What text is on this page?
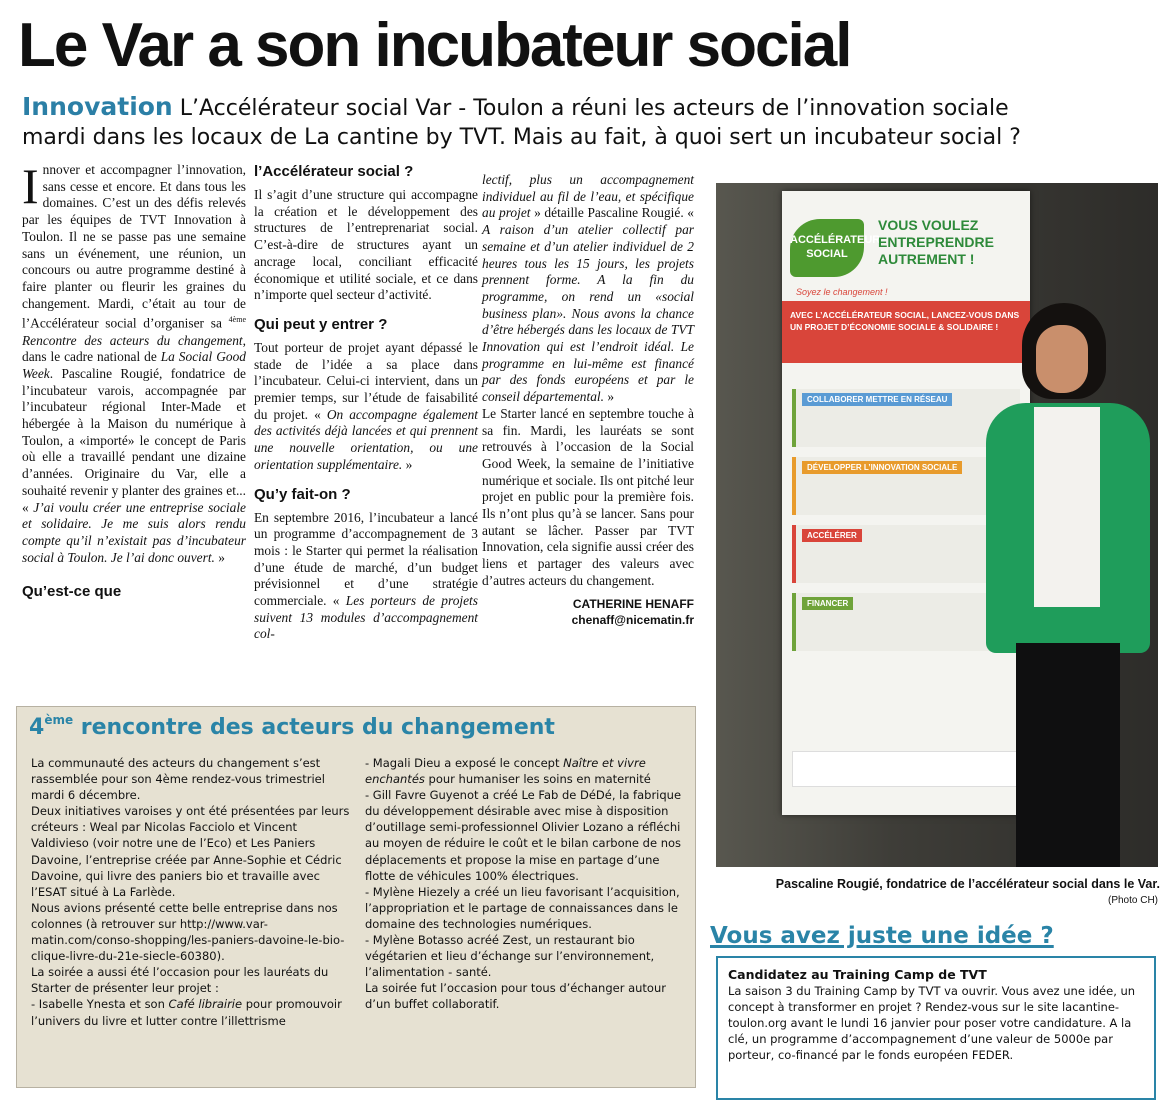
Le Var a son incubateur social
Innovation L’Accélérateur social Var - Toulon a réuni les acteurs de l’innovation sociale
mardi dans les locaux de La cantine by TVT. Mais au fait, à quoi sert un incubateur social ?

Innover et accompagner l’innovation, sans cesse et encore. Et dans tous les domaines. C’est un des défis relevés par les équipes de TVT Innovation à Toulon. Il ne se passe pas une semaine sans un événement, une réunion, un concours ou autre programme destiné à faire planter ou fleurir les graines du changement. Mardi, c’était au tour de l’Accélérateur social d’organiser sa $^{4ème}$ Rencontre des acteurs du changement, dans le cadre national de La Social Good Week. Pascaline Rougié, fondatrice de l’incubateur varois, accompagnée par l’incubateur régional Inter-Made et hébergée à la Maison du numérique à Toulon, a «importé» le concept de Paris où elle a travaillé pendant une dizaine d’années. Originaire du Var, elle a souhaité revenir y planter des graines et... « J’ai voulu créer une entreprise sociale et solidaire. Je me suis alors rendu compte qu’il n’existait pas d’incubateur social à Toulon. Je l’ai donc ouvert. »

Qu’est-ce que
l’Accélérateur social ?

Il s’agit d’une structure qui accompagne la création et le développement des structures de l’entreprenariat social. C’est-à-dire de structures ayant un ancrage local, conciliant efficacité économique et utilité sociale, et ce dans n’importe quel secteur d’activité.

Qui peut y entrer ?

Tout porteur de projet ayant dépassé le stade de l’idée a sa place dans l’incubateur. Celui-ci intervient, dans un premier temps, sur l’étude de faisabilité du projet. « On accompagne également des activités déjà lancées et qui prennent une nouvelle orientation, ou une orientation supplémentaire. »

Qu’y fait-on ?

En septembre 2016, l’incubateur a lancé un programme d’accompagnement de 3 mois : le Starter qui permet la réalisation d’une étude de marché, d’un budget prévisionnel et d’une stratégie commerciale. « Les porteurs de projets suivent 13 modules d’accompagnement col-

lectif, plus un accompagnement individuel au fil de l’eau, et spécifique au projet » détaille Pascaline Rougié. « A raison d’un atelier collectif par semaine et d’un atelier individuel de 2 heures tous les 15 jours, les projets prennent forme. A la fin du programme, on rend un «social business plan». Nous avons la chance d’être hébergés dans les locaux de TVT Innovation qui est l’endroit idéal. Le programme en lui-même est financé par des fonds européens et par le conseil départemental. »

Le Starter lancé en septembre touche à sa fin. Mardi, les lauréats se sont retrouvés à l’occasion de la Social Good Week, la semaine de l’initiative numérique et sociale. Ils ont pitché leur projet en public pour la première fois. Ils n’ont plus qu’à se lancer. Sans pour autant se lâcher. Passer par TVT Innovation, cela signifie aussi créer des liens et partager des valeurs avec d’autres acteurs du changement.

CATHERINE HENAFF
chenaff@nicematin.fr
ACCÉLÉRATEUR SOCIAL
VOUS VOULEZ ENTREPRENDRE AUTREMENT !
Soyez le changement !
AVEC L’ACCÉLÉRATEUR SOCIAL, LANCEZ-VOUS DANS UN PROJET D’ÉCONOMIE SOCIALE & SOLIDAIRE !
COLLABORER METTRE EN RÉSEAU
DÉVELOPPER L’INNOVATION SOCIALE
ACCÉLÉRER
FINANCER
Pascaline Rougié, fondatrice de l’accélérateur social dans le Var.
(Photo CH)
4ème rencontre des acteurs du changement

La communauté des acteurs du changement s’est rassemblée pour son 4ème rendez-vous trimestriel mardi 6 décembre.

Deux initiatives varoises y ont été présentées par leurs créteurs : Weal par Nicolas Facciolo et Vincent Valdivieso (voir notre une de l’Eco) et Les Paniers Davoine, l’entreprise créée par Anne-Sophie et Cédric Davoine, qui livre des paniers bio et travaille avec l’ESAT situé à La Farlède.

Nous avions présenté cette belle entreprise dans nos colonnes (à retrouver sur http://www.var-matin.com/conso-shopping/les-paniers-davoine-le-bio-clique-livre-du-21e-siecle-60380).

La soirée a aussi été l’occasion pour les lauréats du Starter de présenter leur projet :

- Isabelle Ynesta et son Café librairie pour promouvoir l’univers du livre et lutter contre l’illettrisme

- Magali Dieu a exposé le concept Naître et vivre enchantés pour humaniser les soins en maternité

- Gill Favre Guyenot a créé Le Fab de DéDé, la fabrique du développement désirable avec mise à disposition d’outillage semi-professionnel Olivier Lozano a réfléchi au moyen de réduire le coût et le bilan carbone de nos déplacements et propose la mise en partage d’une flotte de véhicules 100% électriques.

- Mylène Hiezely a créé un lieu favorisant l’acquisition, l’appropriation et le partage de connaissances dans le domaine des technologies numériques.

- Mylène Botasso acréé Zest, un restaurant bio végétarien et lieu d’échange sur l’environnement, l’alimentation - santé.

La soirée fut l’occasion pour tous d’échanger autour d’un buffet collaboratif.

Vous avez juste une idée ?
Candidatez au Training Camp de TVT
La saison 3 du Training Camp by TVT va ouvrir. Vous avez une idée, un concept à transformer en projet ? Rendez-vous sur le site lacantine-toulon.org avant le lundi 16 janvier pour poser votre candidature. A la clé, un programme d’accompagnement d’une valeur de 5000e par porteur, co-financé par le fonds européen FEDER.
